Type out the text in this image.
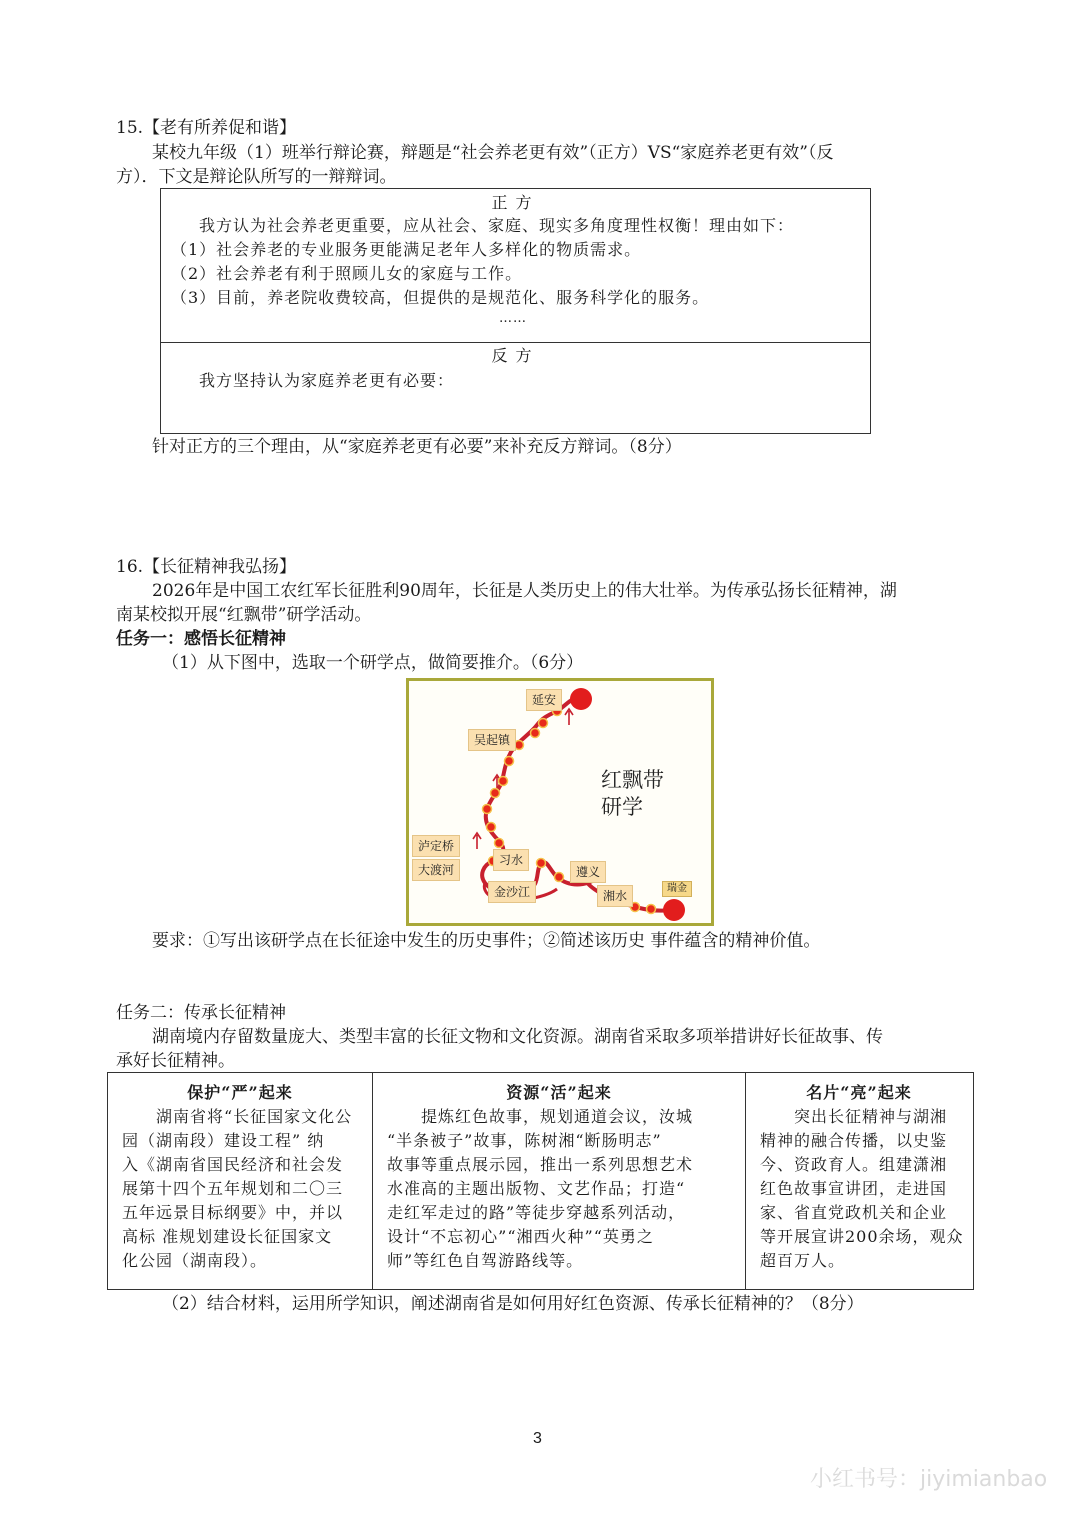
15.【老有所养促和谐】
某校九年级（1）班举行辩论赛，辩题是“社会养老更有效”（正方）VS“家庭养老更有效”（反
方）．下文是辩论队所写的一辩辩词。
正方
我方认为社会养老更重要，应从社会、家庭、现实多角度理性权衡！理由如下：
（1）社会养老的专业服务更能满足老年人多样化的物质需求。
（2）社会养老有利于照顾儿女的家庭与工作。
（3）目前，养老院收费较高，但提供的是规范化、服务科学化的服务。
……
反方
我方坚持认为家庭养老更有必要：
针对正方的三个理由，从“家庭养老更有必要”来补充反方辩词。（8分）
16.【长征精神我弘扬】
2026年是中国工农红军长征胜利90周年，长征是人类历史上的伟大壮举。为传承弘扬长征精神，湖
南某校拟开展“红飘带”研学活动。
任务一：感悟长征精神
（1）从下图中，选取一个研学点，做简要推介。（6分）
红飘带
研学
延安
吴起镇
泸定桥
大渡河
习水
金沙江
遵义
湘水
瑞金
要求：①写出该研学点在长征途中发生的历史事件；②简述该历史 事件蕴含的精神价值。
任务二：传承长征精神
湖南境内存留数量庞大、类型丰富的长征文物和文化资源。湖南省采取多项举措讲好长征故事、传
承好长征精神。
保护“严”起来
　　湖南省将“长征国家文化公
园（湖南段）建设工程” 纳
入《湖南省国民经济和社会发
展第十四个五年规划和二〇三
五年远景目标纲要》中，并以
高标 准规划建设长征国家文
化公园（湖南段）。
资源“活”起来
　　提炼红色故事，规划通道会议，汝城
“半条被子”故事，陈树湘“断肠明志”
故事等重点展示园，推出一系列思想艺术
水准高的主题出版物、文艺作品；打造“
走红军走过的路”等徒步穿越系列活动，
设计“不忘初心”“湘西火种”“英勇之
师”等红色自驾游路线等。
名片“亮”起来
　　突出长征精神与湖湘
精神的融合传播，以史鉴
今、资政育人。组建潇湘
红色故事宣讲团，走进国
家、省直党政机关和企业
等开展宣讲200余场，观众
超百万人。
（2）结合材料，运用所学知识，阐述湖南省是如何用好红色资源、传承长征精神的？（8分）
3
小红书号：jiyimianbao
